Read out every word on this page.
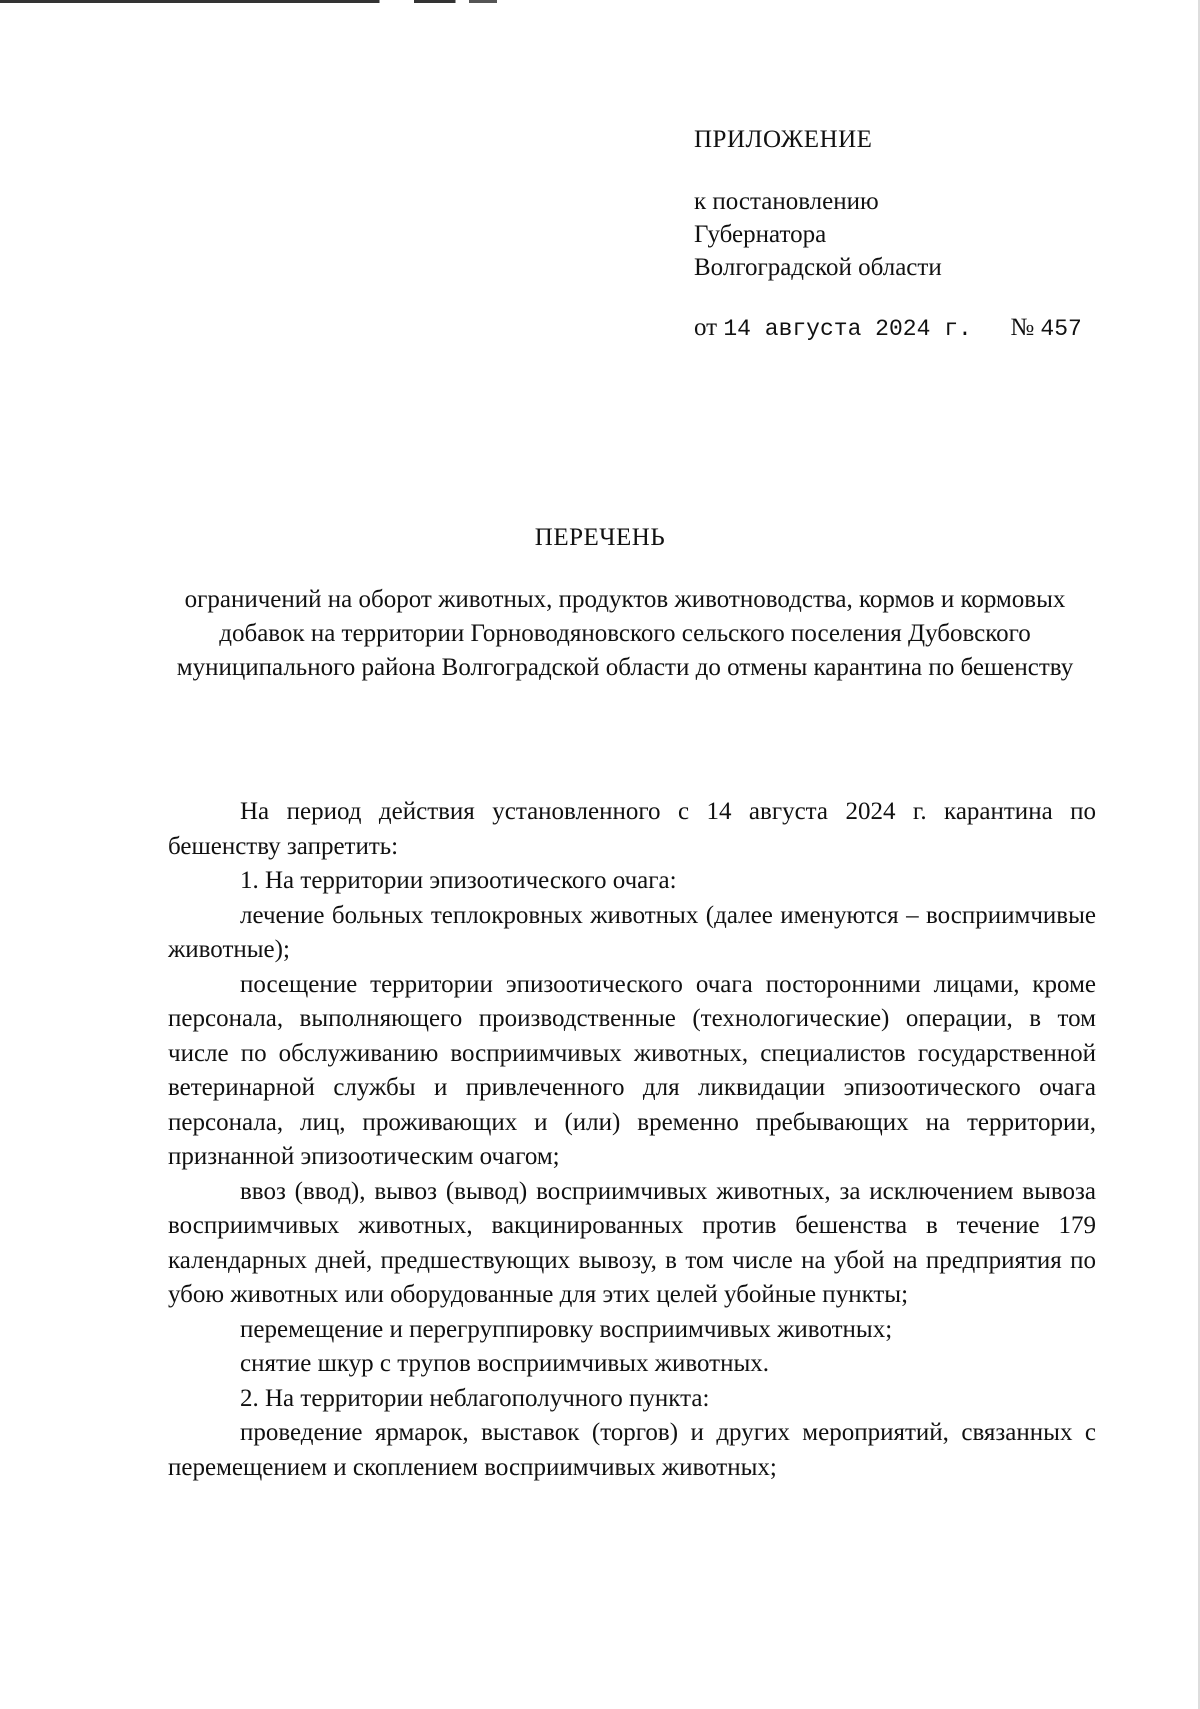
ПРИЛОЖЕНИЕ

к постановлению

Губернатора

Волгоградской области

от 14 августа 2024 г. № 457
ПЕРЕЧЕНЬ

ограничений на оборот животных, продуктов животноводства, кормов и кормовых добавок на территории Горноводяновского сельского поселения Дубовского муниципального района Волгоградской области до отмены карантина по бешенству

На период действия установленного с 14 августа 2024 г. карантина по бешенству запретить:

1. На территории эпизоотического очага:

лечение больных теплокровных животных (далее именуются – восприимчивые животные);

посещение территории эпизоотического очага посторонними лицами, кроме персонала, выполняющего производственные (технологические) операции, в том числе по обслуживанию восприимчивых животных, специалистов государственной ветеринарной службы и привлеченного для ликвидации эпизоотического очага персонала, лиц, проживающих и (или) временно пребывающих на территории, признанной эпизоотическим очагом;

ввоз (ввод), вывоз (вывод) восприимчивых животных, за исключением вывоза восприимчивых животных, вакцинированных против бешенства в течение 179 календарных дней, предшествующих вывозу, в том числе на убой на предприятия по убою животных или оборудованные для этих целей убойные пункты;

перемещение и перегруппировку восприимчивых животных;

снятие шкур с трупов восприимчивых животных.

2. На территории неблагополучного пункта:

проведение ярмарок, выставок (торгов) и других мероприятий, связанных с перемещением и скоплением восприимчивых животных;
